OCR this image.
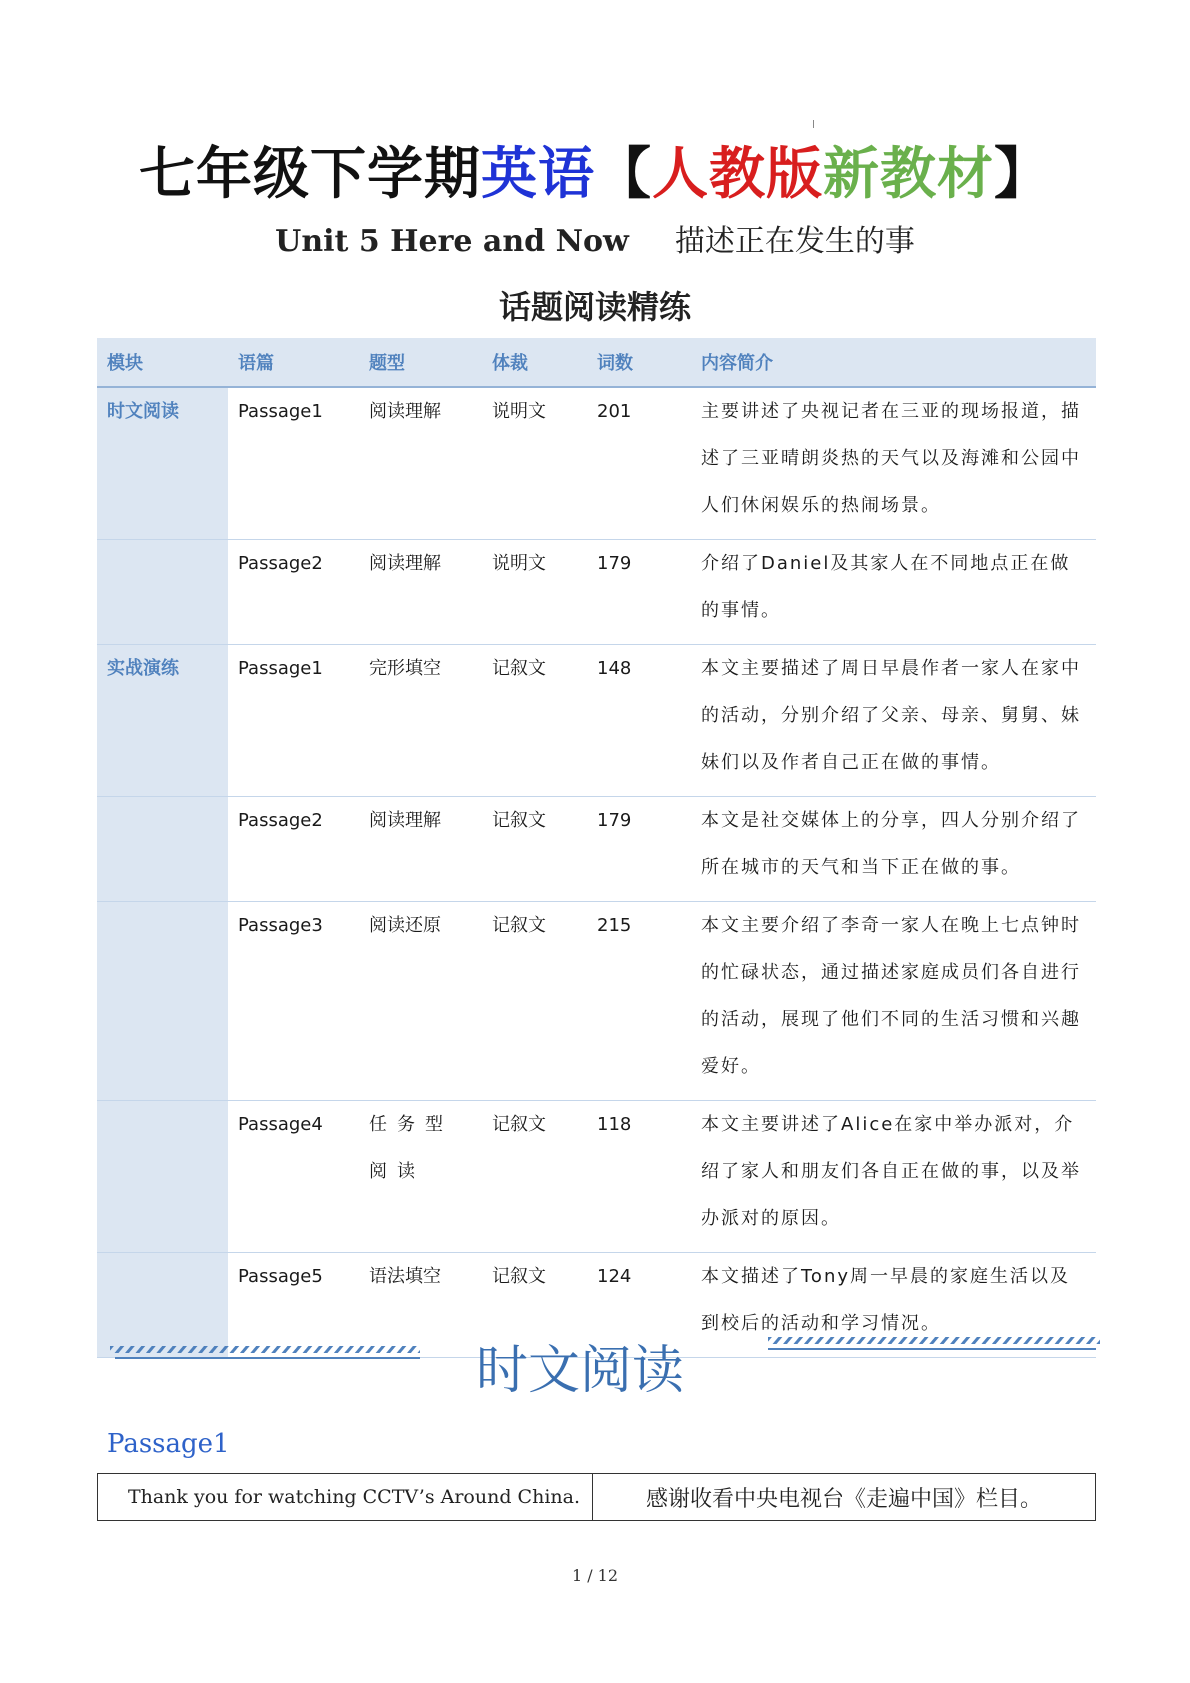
七年级下学期英语【人教版新教材】
Unit 5 Here and Now 描述正在发生的事
话题阅读精练
模块	语篇	题型	体裁	词数	内容简介
时文阅读	Passage1	阅读理解	说明文	201	主要讲述了央视记者在三亚的现场报道，描述了三亚晴朗炎热的天气以及海滩和公园中人们休闲娱乐的热闹场景。
	Passage2	阅读理解	说明文	179	介绍了Daniel及其家人在不同地点正在做的事情。
实战演练	Passage1	完形填空	记叙文	148	本文主要描述了周日早晨作者一家人在家中的活动，分别介绍了父亲、母亲、舅舅、妹妹们以及作者自己正在做的事情。
	Passage2	阅读理解	记叙文	179	本文是社交媒体上的分享，四人分别介绍了所在城市的天气和当下正在做的事。
	Passage3	阅读还原	记叙文	215	本文主要介绍了李奇一家人在晚上七点钟时的忙碌状态，通过描述家庭成员们各自进行的活动，展现了他们不同的生活习惯和兴趣爱好。
	Passage4	任务型阅读	记叙文	118	本文主要讲述了Alice在家中举办派对，介绍了家人和朋友们各自正在做的事，以及举办派对的原因。
	Passage5	语法填空	记叙文	124	本文描述了Tony周一早晨的家庭生活以及到校后的活动和学习情况。
时文阅读
Passage1
Thank you for watching CCTV’s Around China.	感谢收看中央电视台《走遍中国》栏目。
1 / 12
